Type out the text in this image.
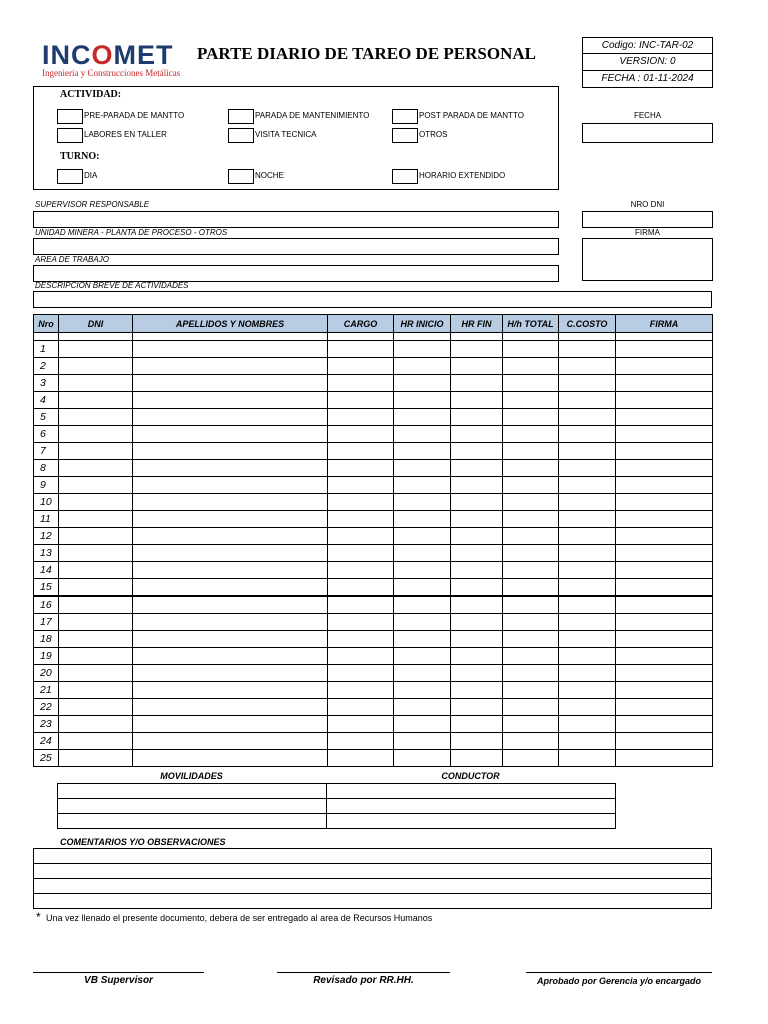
INCOMET
Ingeniería y Construcciones Metálicas
PARTE DIARIO DE TAREO DE PERSONAL	Codigo: INC-TAR-02
VERSION: 0
FECHA : 01-11-2024
ACTIVIDAD:
PRE-PARADA DE MANTTO	PARADA DE MANTENIMIENTO	POST PARADA DE MANTTO
LABORES EN TALLER	VISITA TECNICA	OTROS
TURNO:
DIA	NOCHE	HORARIO EXTENDIDO
FECHA
NRO DNI
FIRMA
SUPERVISOR RESPONSABLE
UNIDAD MINERA - PLANTA DE PROCESO - OTROS
AREA DE TRABAJO
DESCRIPCION BREVE DE ACTIVIDADES
Nro	DNI	APELLIDOS Y NOMBRES	CARGO	HR INICIO	HR FIN	H/h TOTAL	C.COSTO	FIRMA

1								
2								
3								
4								
5								
6								
7								
8								
9								
10								
11								
12								
13								
14								
15								
16								
17								
18								
19								
20								
21								
22								
23								
24								
25								
MOVILIDADES	CONDUCTOR

COMENTARIOS Y/O OBSERVACIONES

* Una vez llenado el presente documento, debera de ser entregado al area de Recursos Humanos
VB Supervisor	Revisado por RR.HH.	Aprobado por Gerencia y/o encargado
